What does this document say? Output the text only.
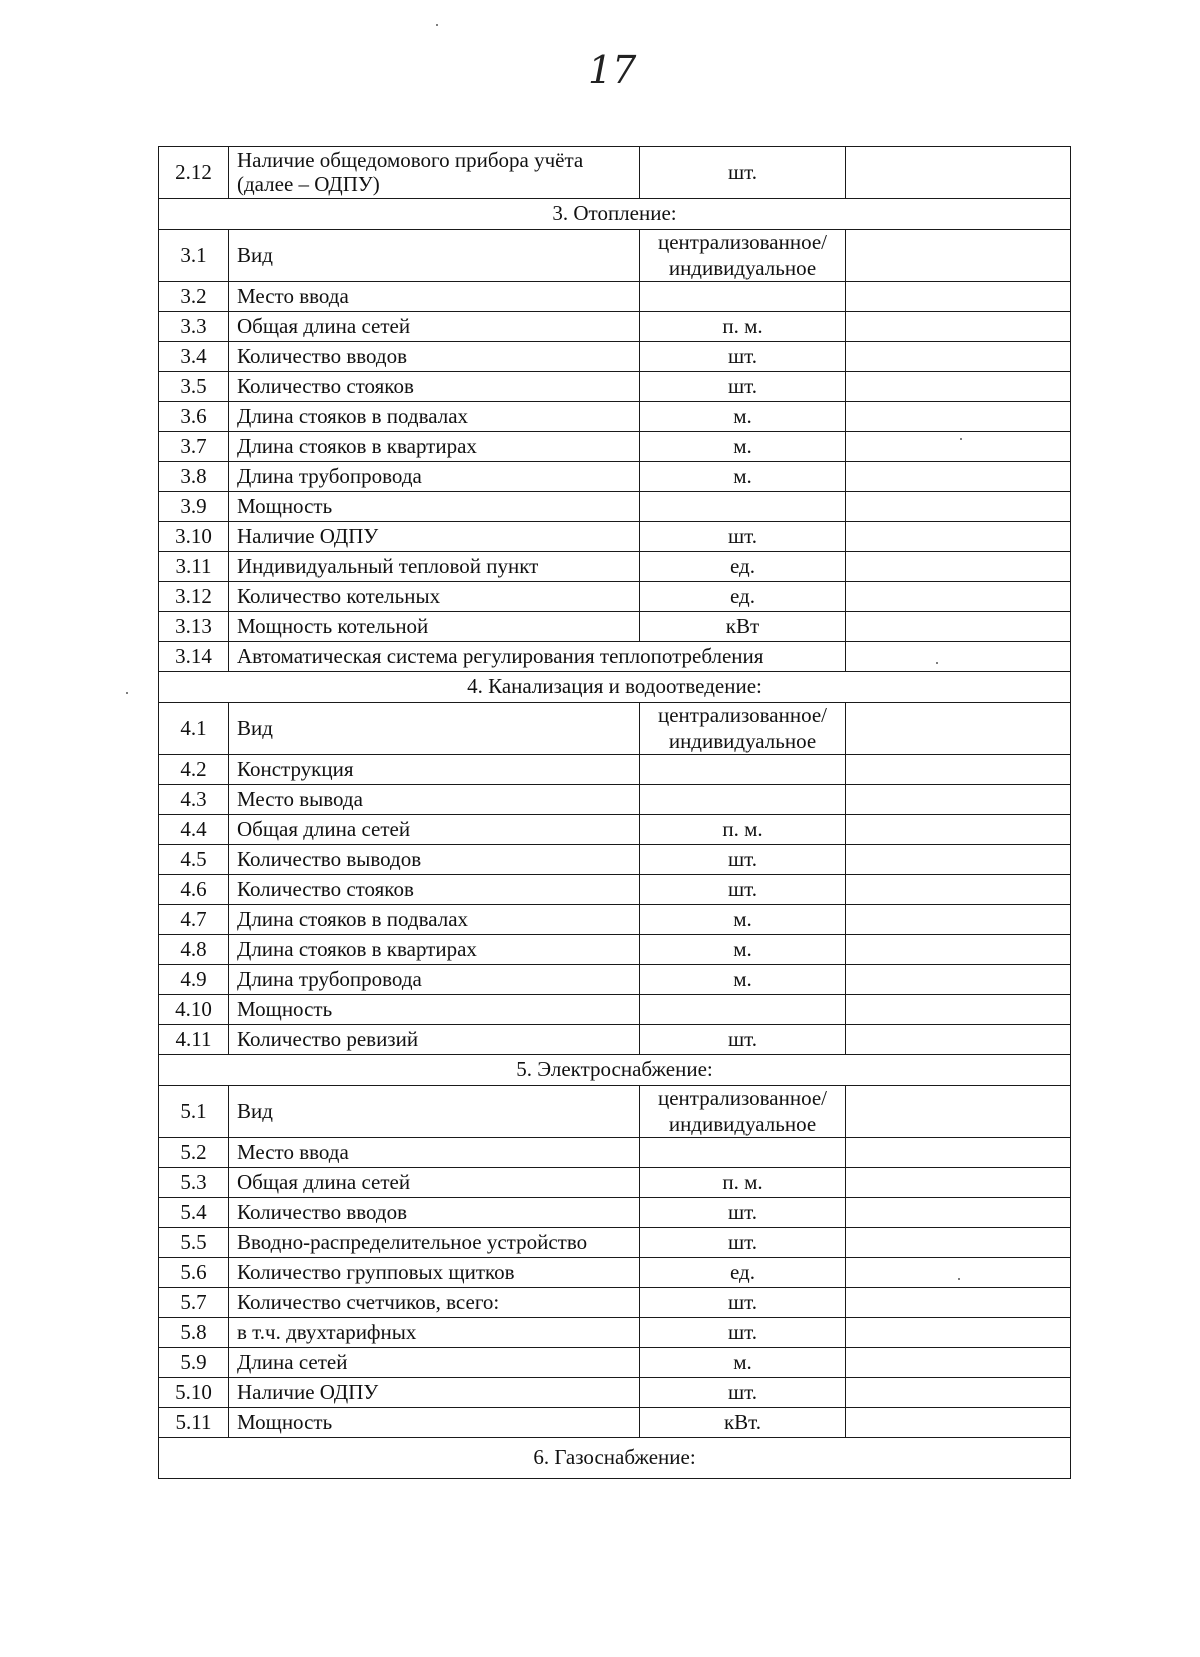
17
2.12	Наличие общедомового прибора учёта (далее – ОДПУ)	шт.	
3. Отопление:			
3.1	Вид	централизованное/ индивидуальное	
3.2	Место ввода		
3.3	Общая длина сетей	п. м.	
3.4	Количество вводов	шт.	
3.5	Количество стояков	шт.	
3.6	Длина стояков в подвалах	м.	
3.7	Длина стояков в квартирах	м.	
3.8	Длина трубопровода	м.	
3.9	Мощность		
3.10	Наличие ОДПУ	шт.	
3.11	Индивидуальный тепловой пункт	ед.	
3.12	Количество котельных	ед.	
3.13	Мощность котельной	кВт	
3.14	Автоматическая система регулирования теплопотребления		
4. Канализация и водоотведение:			
4.1	Вид	централизованное/ индивидуальное	
4.2	Конструкция		
4.3	Место вывода		
4.4	Общая длина сетей	п. м.	
4.5	Количество выводов	шт.	
4.6	Количество стояков	шт.	
4.7	Длина стояков в подвалах	м.	
4.8	Длина стояков в квартирах	м.	
4.9	Длина трубопровода	м.	
4.10	Мощность		
4.11	Количество ревизий	шт.	
5. Электроснабжение:			
5.1	Вид	централизованное/ индивидуальное	
5.2	Место ввода		
5.3	Общая длина сетей	п. м.	
5.4	Количество вводов	шт.	
5.5	Вводно-распределительное устройство	шт.	
5.6	Количество групповых щитков	ед.	
5.7	Количество счетчиков, всего:	шт.	
5.8	в т.ч. двухтарифных	шт.	
5.9	Длина сетей	м.	
5.10	Наличие ОДПУ	шт.	
5.11	Мощность	кВт.	
6. Газоснабжение:			
